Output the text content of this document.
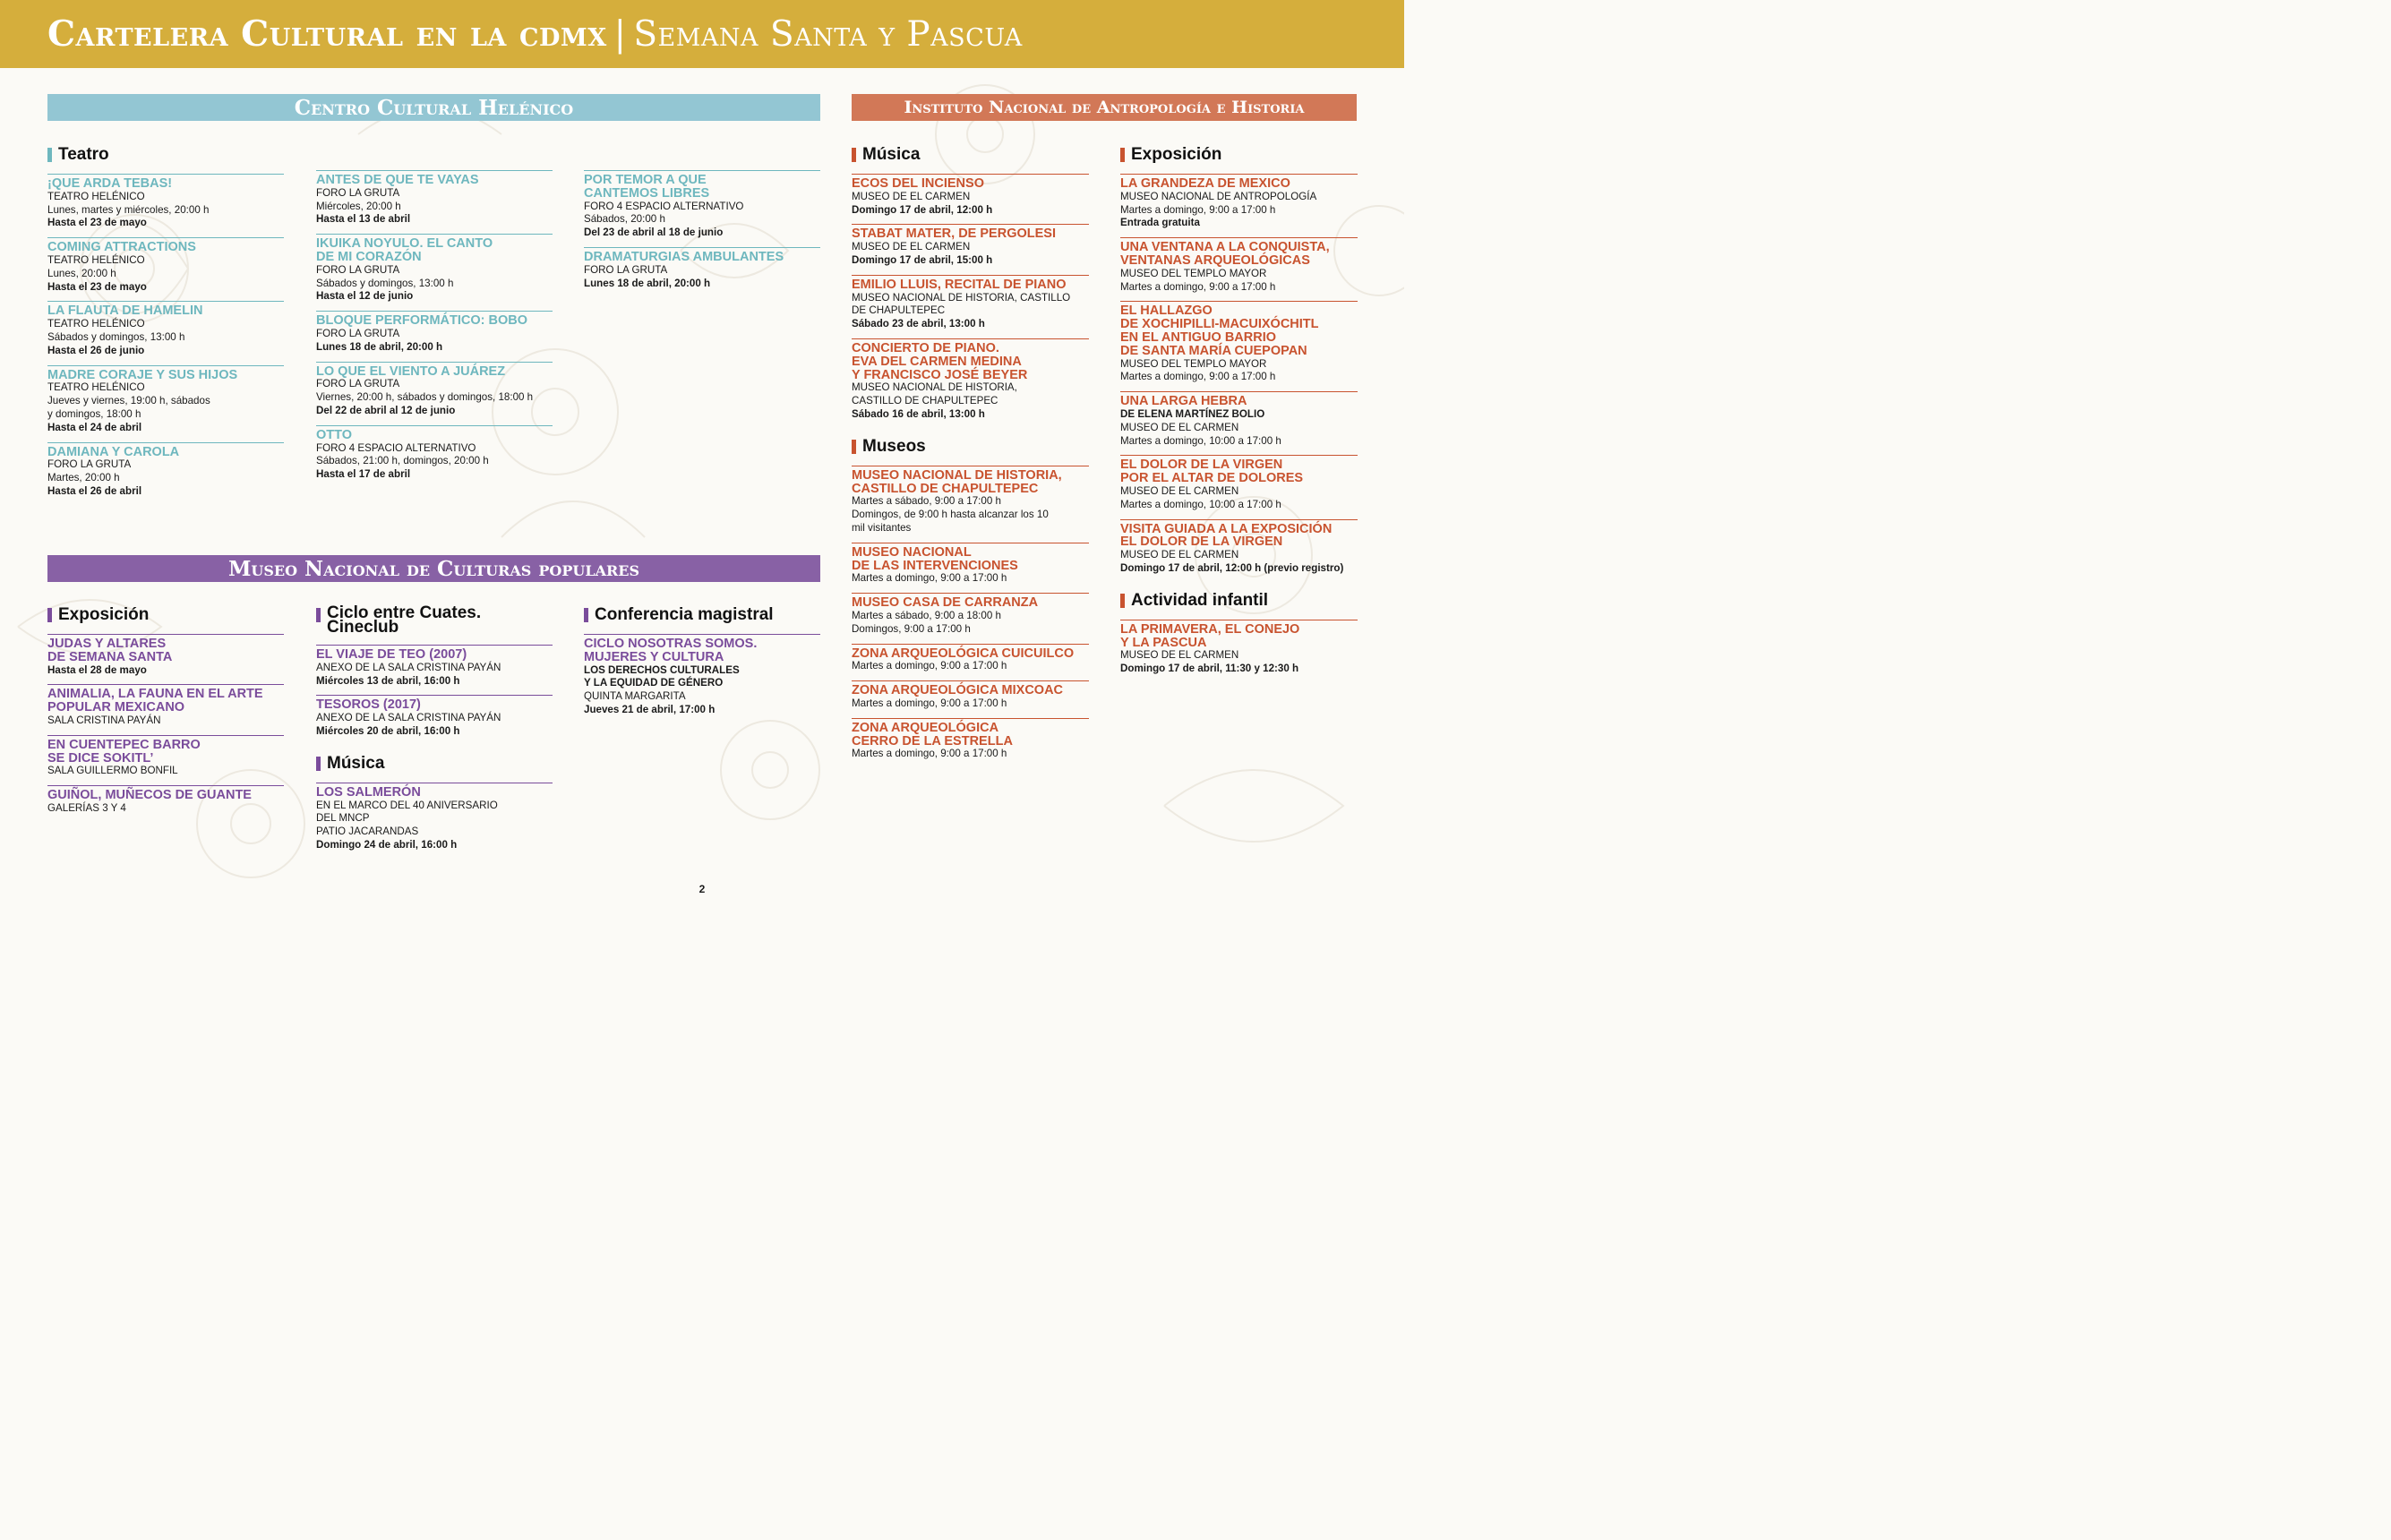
Cartelera Cultural en la cdmx | Semana Santa y Pascua
Centro Cultural Helénico
Teatro
¡QUE ARDA TEBAS!
TEATRO HELÉNICO
Lunes, martes y miércoles, 20:00 h
Hasta el 23 de mayo
COMING ATTRACTIONS
TEATRO HELÉNICO
Lunes, 20:00 h
Hasta el 23 de mayo
LA FLAUTA DE HAMELIN
TEATRO HELÉNICO
Sábados y domingos, 13:00 h
Hasta el 26 de junio
MADRE CORAJE Y SUS HIJOS
TEATRO HELÉNICO
Jueves y viernes, 19:00 h, sábados
y domingos, 18:00 h
Hasta el 24 de abril
DAMIANA Y CAROLA
FORO LA GRUTA
Martes, 20:00 h
Hasta el 26 de abril
ANTES DE QUE TE VAYAS
FORO LA GRUTA
Miércoles, 20:00 h
Hasta el 13 de abril
IKUIKA NOYULO. EL CANTO
DE MI CORAZÓN
FORO LA GRUTA
Sábados y domingos, 13:00 h
Hasta el 12 de junio
BLOQUE PERFORMÁTICO: BOBO
FORO LA GRUTA
Lunes 18 de abril, 20:00 h
LO QUE EL VIENTO A JUÁREZ
FORO LA GRUTA
Viernes, 20:00 h, sábados y domingos, 18:00 h
Del 22 de abril al 12 de junio
OTTO
FORO 4 ESPACIO ALTERNATIVO
Sábados, 21:00 h, domingos, 20:00 h
Hasta el 17 de abril
POR TEMOR A QUE
CANTEMOS LIBRES
FORO 4 ESPACIO ALTERNATIVO
Sábados, 20:00 h
Del 23 de abril al 18 de junio
DRAMATURGIAS AMBULANTES
FORO LA GRUTA
Lunes 18 de abril, 20:00 h
Museo Nacional de Culturas populares
Exposición
JUDAS Y ALTARES
DE SEMANA SANTA
Hasta el 28 de mayo
ANIMALIA, LA FAUNA EN EL ARTE
POPULAR MEXICANO
SALA CRISTINA PAYÁN
EN CUENTEPEC BARRO
SE DICE SOKITL’
SALA GUILLERMO BONFIL
GUIÑOL, MUÑECOS DE GUANTE
GALERÍAS 3 Y 4
Ciclo entre Cuates.
Cineclub
EL VIAJE DE TEO (2007)
ANEXO DE LA SALA CRISTINA PAYÁN
Miércoles 13 de abril, 16:00 h
TESOROS (2017)
ANEXO DE LA SALA CRISTINA PAYÁN
Miércoles 20 de abril, 16:00 h
Música
LOS SALMERÓN
EN EL MARCO DEL 40 ANIVERSARIO
DEL MNCP
PATIO JACARANDAS
Domingo 24 de abril, 16:00 h
Conferencia magistral
CICLO NOSOTRAS SOMOS.
MUJERES Y CULTURA
LOS DERECHOS CULTURALES
Y LA EQUIDAD DE GÉNERO
QUINTA MARGARITA
Jueves 21 de abril, 17:00 h
Instituto Nacional de Antropología e Historia
Música
ECOS DEL INCIENSO
MUSEO DE EL CARMEN
Domingo 17 de abril, 12:00 h
STABAT MATER, DE PERGOLESI
MUSEO DE EL CARMEN
Domingo 17 de abril, 15:00 h
EMILIO LLUIS, RECITAL DE PIANO
MUSEO NACIONAL DE HISTORIA, CASTILLO
DE CHAPULTEPEC
Sábado 23 de abril, 13:00 h
CONCIERTO DE PIANO.
EVA DEL CARMEN MEDINA
Y FRANCISCO JOSÉ BEYER
MUSEO NACIONAL DE HISTORIA,
CASTILLO DE CHAPULTEPEC
Sábado 16 de abril, 13:00 h
Museos
MUSEO NACIONAL DE HISTORIA,
CASTILLO DE CHAPULTEPEC
Martes a sábado, 9:00 a 17:00 h
Domingos, de 9:00 h hasta alcanzar los 10
mil visitantes
MUSEO NACIONAL
DE LAS INTERVENCIONES
Martes a domingo, 9:00 a 17:00 h
MUSEO CASA DE CARRANZA
Martes a sábado, 9:00 a 18:00 h
Domingos, 9:00 a 17:00 h
ZONA ARQUEOLÓGICA CUICUILCO
Martes a domingo, 9:00 a 17:00 h
ZONA ARQUEOLÓGICA MIXCOAC
Martes a domingo, 9:00 a 17:00 h
ZONA ARQUEOLÓGICA
CERRO DE LA ESTRELLA
Martes a domingo, 9:00 a 17:00 h
Exposición
LA GRANDEZA DE MEXICO
MUSEO NACIONAL DE ANTROPOLOGÍA
Martes a domingo, 9:00 a 17:00 h
Entrada gratuita
UNA VENTANA A LA CONQUISTA,
VENTANAS ARQUEOLÓGICAS
MUSEO DEL TEMPLO MAYOR
Martes a domingo, 9:00 a 17:00 h
EL HALLAZGO
DE XOCHIPILLI-MACUIXÓCHITL
EN EL ANTIGUO BARRIO
DE SANTA MARÍA CUEPOPAN
MUSEO DEL TEMPLO MAYOR
Martes a domingo, 9:00 a 17:00 h
UNA LARGA HEBRA
DE ELENA MARTÍNEZ BOLIO
MUSEO DE EL CARMEN
Martes a domingo, 10:00 a 17:00 h
EL DOLOR DE LA VIRGEN
POR EL ALTAR DE DOLORES
MUSEO DE EL CARMEN
Martes a domingo, 10:00 a 17:00 h
VISITA GUIADA A LA EXPOSICIÓN
EL DOLOR DE LA VIRGEN
MUSEO DE EL CARMEN
Domingo 17 de abril, 12:00 h (previo registro)
Actividad infantil
LA PRIMAVERA, EL CONEJO
Y LA PASCUA
MUSEO DE EL CARMEN
Domingo 17 de abril, 11:30 y 12:30 h
2
